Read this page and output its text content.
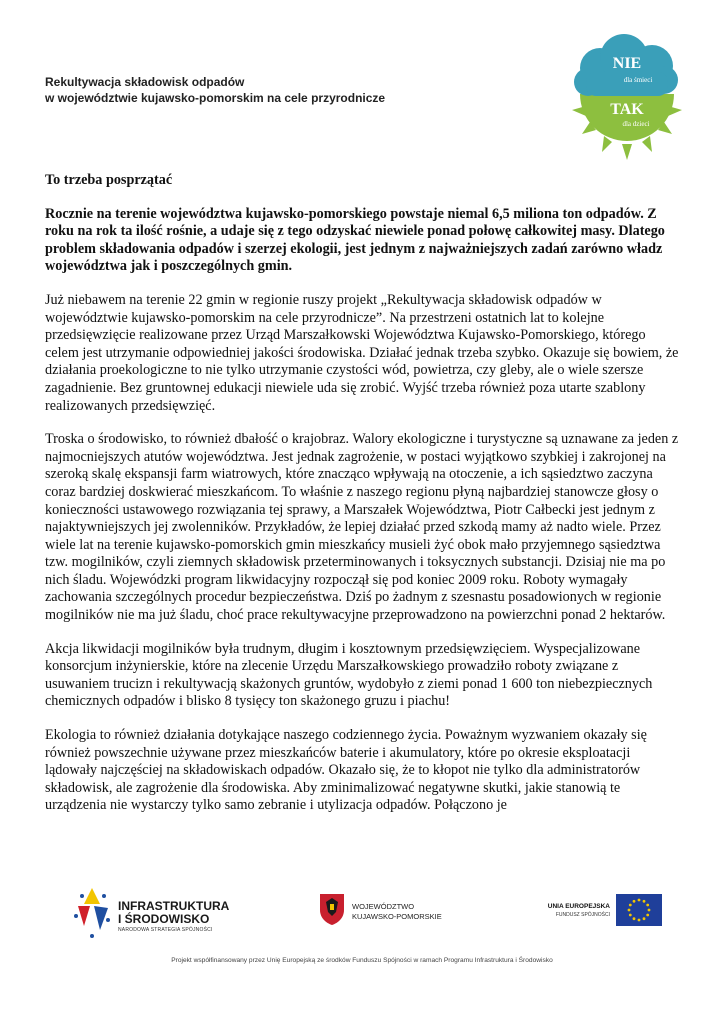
Rekultywacja składowisk odpadów
w województwie kujawsko-pomorskim na cele przyrodnicze
NIE
dla śmieci
TAK
dla dzieci
To trzeba posprzątać

Rocznie na terenie województwa kujawsko-pomorskiego powstaje niemal 6,5 miliona ton odpadów. Z roku na rok ta ilość rośnie, a udaje się z tego odzyskać niewiele ponad połowę całkowitej masy. Dlatego problem składowania odpadów i szerzej ekologii, jest jednym z najważniejszych zadań zarówno władz województwa jak i poszczególnych gmin.

Już niebawem na terenie 22 gmin w regionie ruszy projekt „Rekultywacja składowisk odpadów w województwie kujawsko-pomorskim na cele przyrodnicze”. Na przestrzeni ostatnich lat to kolejne przedsięwzięcie realizowane przez Urząd Marszałkowski Województwa Kujawsko-Pomorskiego, którego celem jest utrzymanie odpowiedniej jakości środowiska. Działać jednak trzeba szybko. Okazuje się bowiem, że działania proekologiczne to nie tylko utrzymanie czystości wód, powietrza, czy gleby, ale o wiele szersze zagadnienie. Bez gruntownej edukacji niewiele uda się zrobić. Wyjść trzeba również poza utarte szablony realizowanych przedsięwzięć.

Troska o środowisko, to również dbałość o krajobraz. Walory ekologiczne i turystyczne są uznawane za jeden z najmocniejszych atutów województwa. Jest jednak zagrożenie, w postaci wyjątkowo szybkiej i zakrojonej na szeroką skalę ekspansji farm wiatrowych, które znacząco wpływają na otoczenie, a ich sąsiedztwo zaczyna coraz bardziej doskwierać mieszkańcom. To właśnie z naszego regionu płyną najbardziej stanowcze głosy o konieczności ustawowego rozwiązania tej sprawy, a Marszałek Województwa, Piotr Całbecki jest jednym z najaktywniejszych jej zwolenników. Przykładów, że lepiej działać przed szkodą mamy aż nadto wiele. Przez wiele lat na terenie kujawsko-pomorskich gmin mieszkańcy musieli żyć obok mało przyjemnego sąsiedztwa tzw. mogilników, czyli ziemnych składowisk przeterminowanych i toksycznych substancji. Dzisiaj nie ma po nich śladu. Wojewódzki program likwidacyjny rozpoczął się pod koniec 2009 roku. Roboty wymagały zachowania szczególnych procedur bezpieczeństwa. Dziś po żadnym z szesnastu posadowionych w regionie mogilników nie ma już śladu, choć prace rekultywacyjne przeprowadzono na powierzchni ponad 2 hektarów.

Akcja likwidacji mogilników była trudnym, długim i kosztownym przedsięwzięciem. Wyspecjalizowane konsorcjum inżynierskie, które na zlecenie Urzędu Marszałkowskiego prowadziło roboty związane z usuwaniem trucizn i rekultywacją skażonych gruntów, wydobyło z ziemi ponad 1 600 ton niebezpiecznych chemicznych odpadów i blisko 8 tysięcy ton skażonego gruzu i piachu!

Ekologia to również działania dotykające naszego codziennego życia. Poważnym wyzwaniem okazały się również powszechnie używane przez mieszkańców baterie i akumulatory, które po okresie eksploatacji lądowały najczęściej na składowiskach odpadów. Okazało się, że to kłopot nie tylko dla administratorów składowisk, ale zagrożenie dla środowiska. Aby zminimalizować negatywne skutki, jakie stanowią te urządzenia nie wystarczy tylko samo zebranie i utylizacja odpadów. Połączono je

INFRASTRUKTURA
I ŚRODOWISKO
NARODOWA STRATEGIA SPÓJNOŚCI
WOJEWÓDZTWO
KUJAWSKO-POMORSKIE
UNIA EUROPEJSKA
FUNDUSZ SPÓJNOŚCI
Projekt współfinansowany przez Unię Europejską ze środków Funduszu Spójności w ramach Programu Infrastruktura i Środowisko
